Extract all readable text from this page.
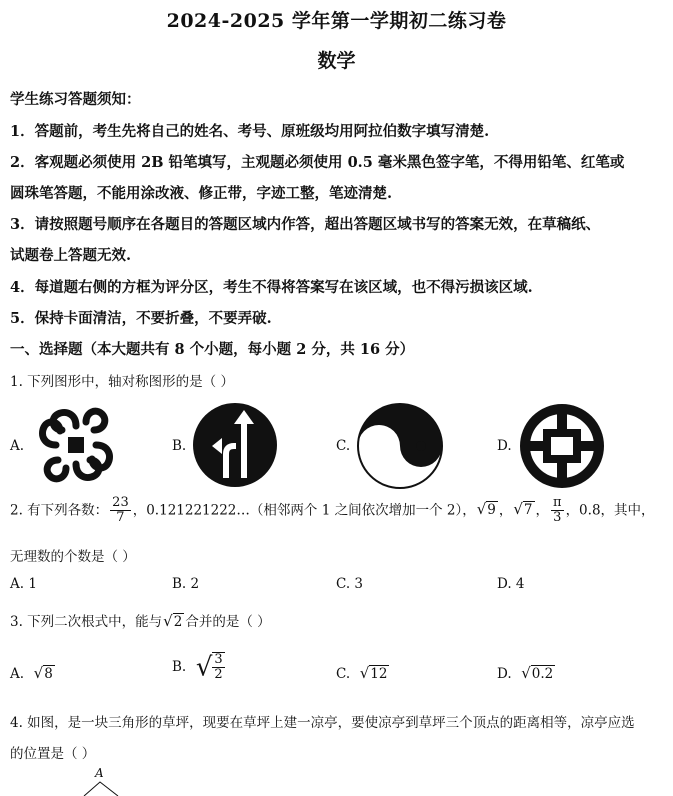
2024-2025 学年第一学期初二练习卷
数学
学生练习答题须知：
1．答题前，考生先将自己的姓名、考号、原班级均用阿拉伯数字填写清楚.
2．客观题必须使用 2B 铅笔填写，主观题必须使用 0.5 毫米黑色签字笔，不得用铅笔、红笔或
圆珠笔答题，不能用涂改液、修正带，字迹工整，笔迹清楚.
3．请按照题号顺序在各题目的答题区域内作答，超出答题区域书写的答案无效，在草稿纸、
试题卷上答题无效.
4．每道题右侧的方框为评分区，考生不得将答案写在该区域，也不得污损该区域.
5．保持卡面清洁，不要折叠，不要弄破.
一、选择题（本大题共有 8 个小题，每小题 2 分，共 16 分）
1. 下列图形中，轴对称图形的是（ ）
A.	B.	C.	D.
2. 有下列各数： $\frac{23}{7}$ ，0.121221222…（相邻两个 1 之间依次增加一个 2），√9 ，√7 ， $\frac{\pi}{3}$ ，0.8，其中，
无理数的个数是（ ）
A. 1	B. 2	C. 3	D. 4
3. 下列二次根式中，能与√2 合并的是（ ）
A. √8	B. √ $\frac{3}{2}$	C. √12	D. √0.2
4. 如图，是一块三角形的草坪，现要在草坪上建一凉亭，要使凉亭到草坪三个顶点的距离相等，凉亭应选
的位置是（ ）
A
